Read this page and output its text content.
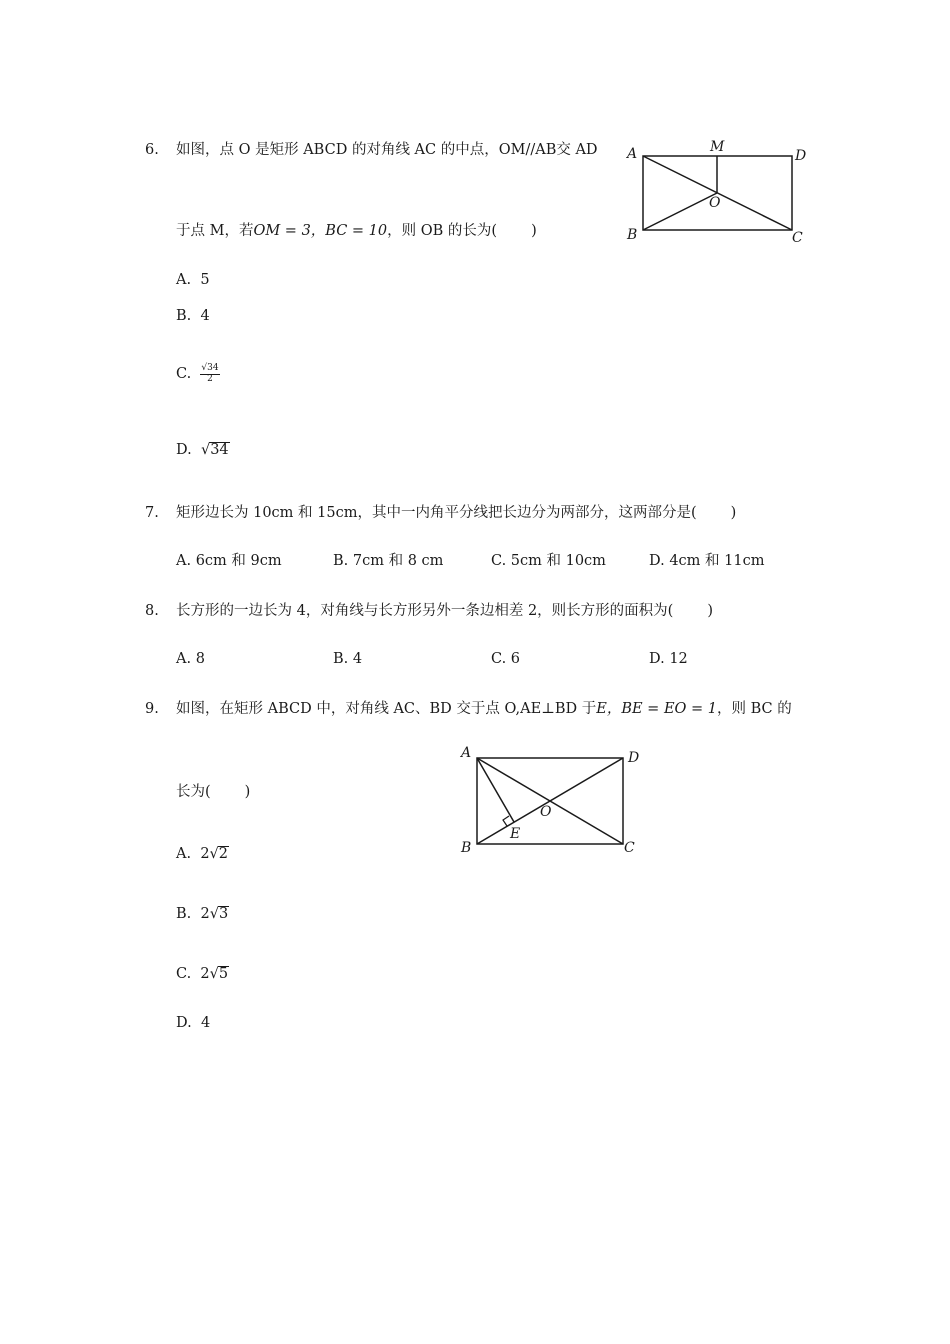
6. 如图，点 O 是矩形 ABCD 的对角线 AC 的中点，OM//AB交 AD
于点 M，若OM = 3，BC = 10，则 OB 的长为( )
A	M
D
O
B	C
A. 5
B. 4
C. $\frac{√34}{2}$
D. √34
7. 矩形边长为 10cm 和 15cm，其中一内角平分线把长边分为两部分，这两部分是( )
A. 6cm 和 9cm	B. 7cm 和 8 cm	C. 5cm 和 10cm	D. 4cm 和 11cm
8. 长方形的一边长为 4，对角线与长方形另外一条边相差 2，则长方形的面积为( )
A. 8	B. 4	C. 6	D. 12
9. 如图，在矩形 ABCD 中，对角线 AC、BD 交于点 O,AE⊥BD 于E，BE = EO = 1，则 BC 的
长为( )
A	D
O
E
B	C
A. 2√2
B. 2√3
C. 2√5
D. 4
